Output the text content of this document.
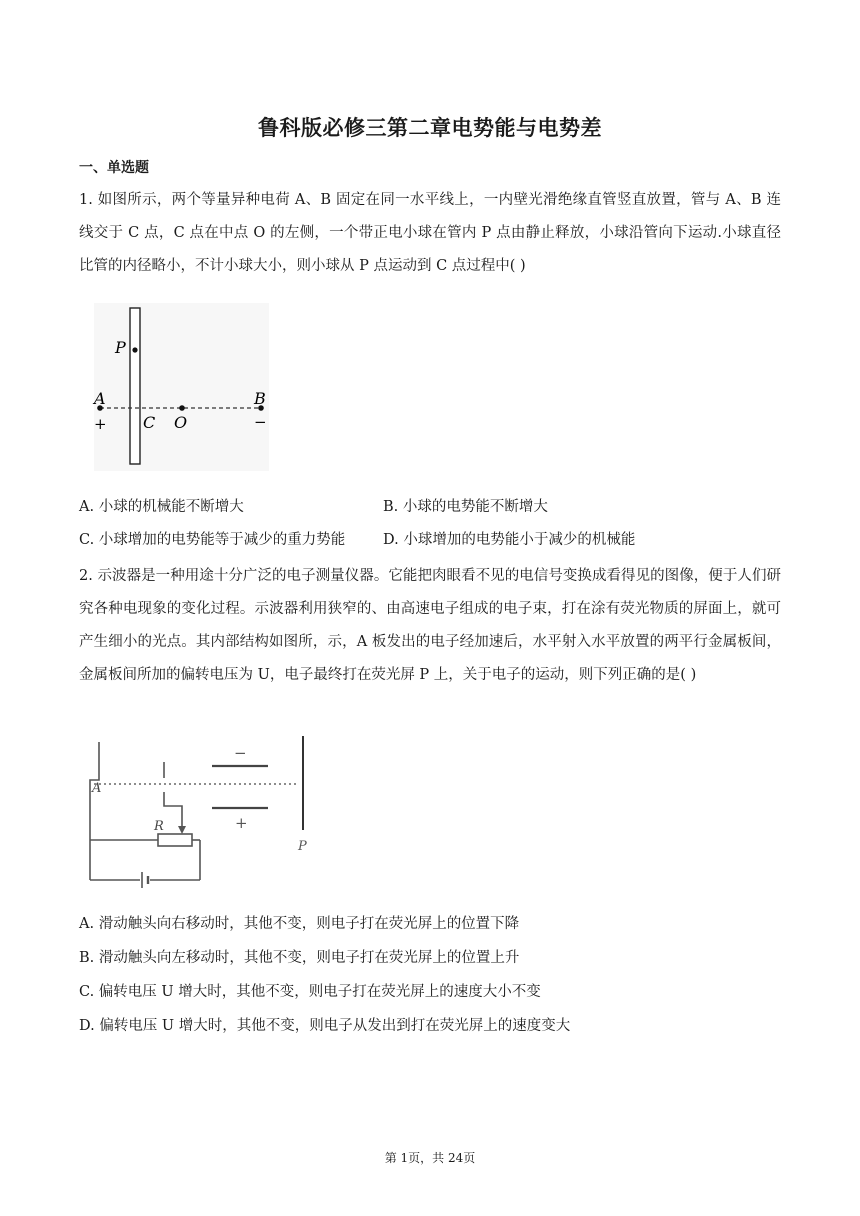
鲁科版必修三第二章电势能与电势差
一、单选题
1. 如图所示，两个等量异种电荷 A、B 固定在同一水平线上，一内壁光滑绝缘直管竖直放置，管与 A、B 连线交于 C 点，C 点在中点 O 的左侧，一个带正电小球在管内 P 点由静止释放，小球沿管向下运动.小球直径比管的内径略小，不计小球大小，则小球从 P 点运动到 C 点过程中( )
P
A	B
C O
+	−
A. 小球的机械能不断增大	B. 小球的电势能不断增大
C. 小球增加的电势能等于减少的重力势能	D. 小球增加的电势能小于减少的机械能
2. 示波器是一种用途十分广泛的电子测量仪器。它能把肉眼看不见的电信号变换成看得见的图像，便于人们研究各种电现象的变化过程。示波器利用狭窄的、由高速电子组成的电子束，打在涂有荧光物质的屏面上，就可产生细小的光点。其内部结构如图所，示，A 板发出的电子经加速后，水平射入水平放置的两平行金属板间，金属板间所加的偏转电压为 U，电子最终打在荧光屏 P 上，关于电子的运动，则下列正确的是( )
−
+
P
A
R
A. 滑动触头向右移动时，其他不变，则电子打在荧光屏上的位置下降
B. 滑动触头向左移动时，其他不变，则电子打在荧光屏上的位置上升
C. 偏转电压 U 增大时，其他不变，则电子打在荧光屏上的速度大小不变
D. 偏转电压 U 增大时，其他不变，则电子从发出到打在荧光屏上的速度变大
第 1页，共 24页
